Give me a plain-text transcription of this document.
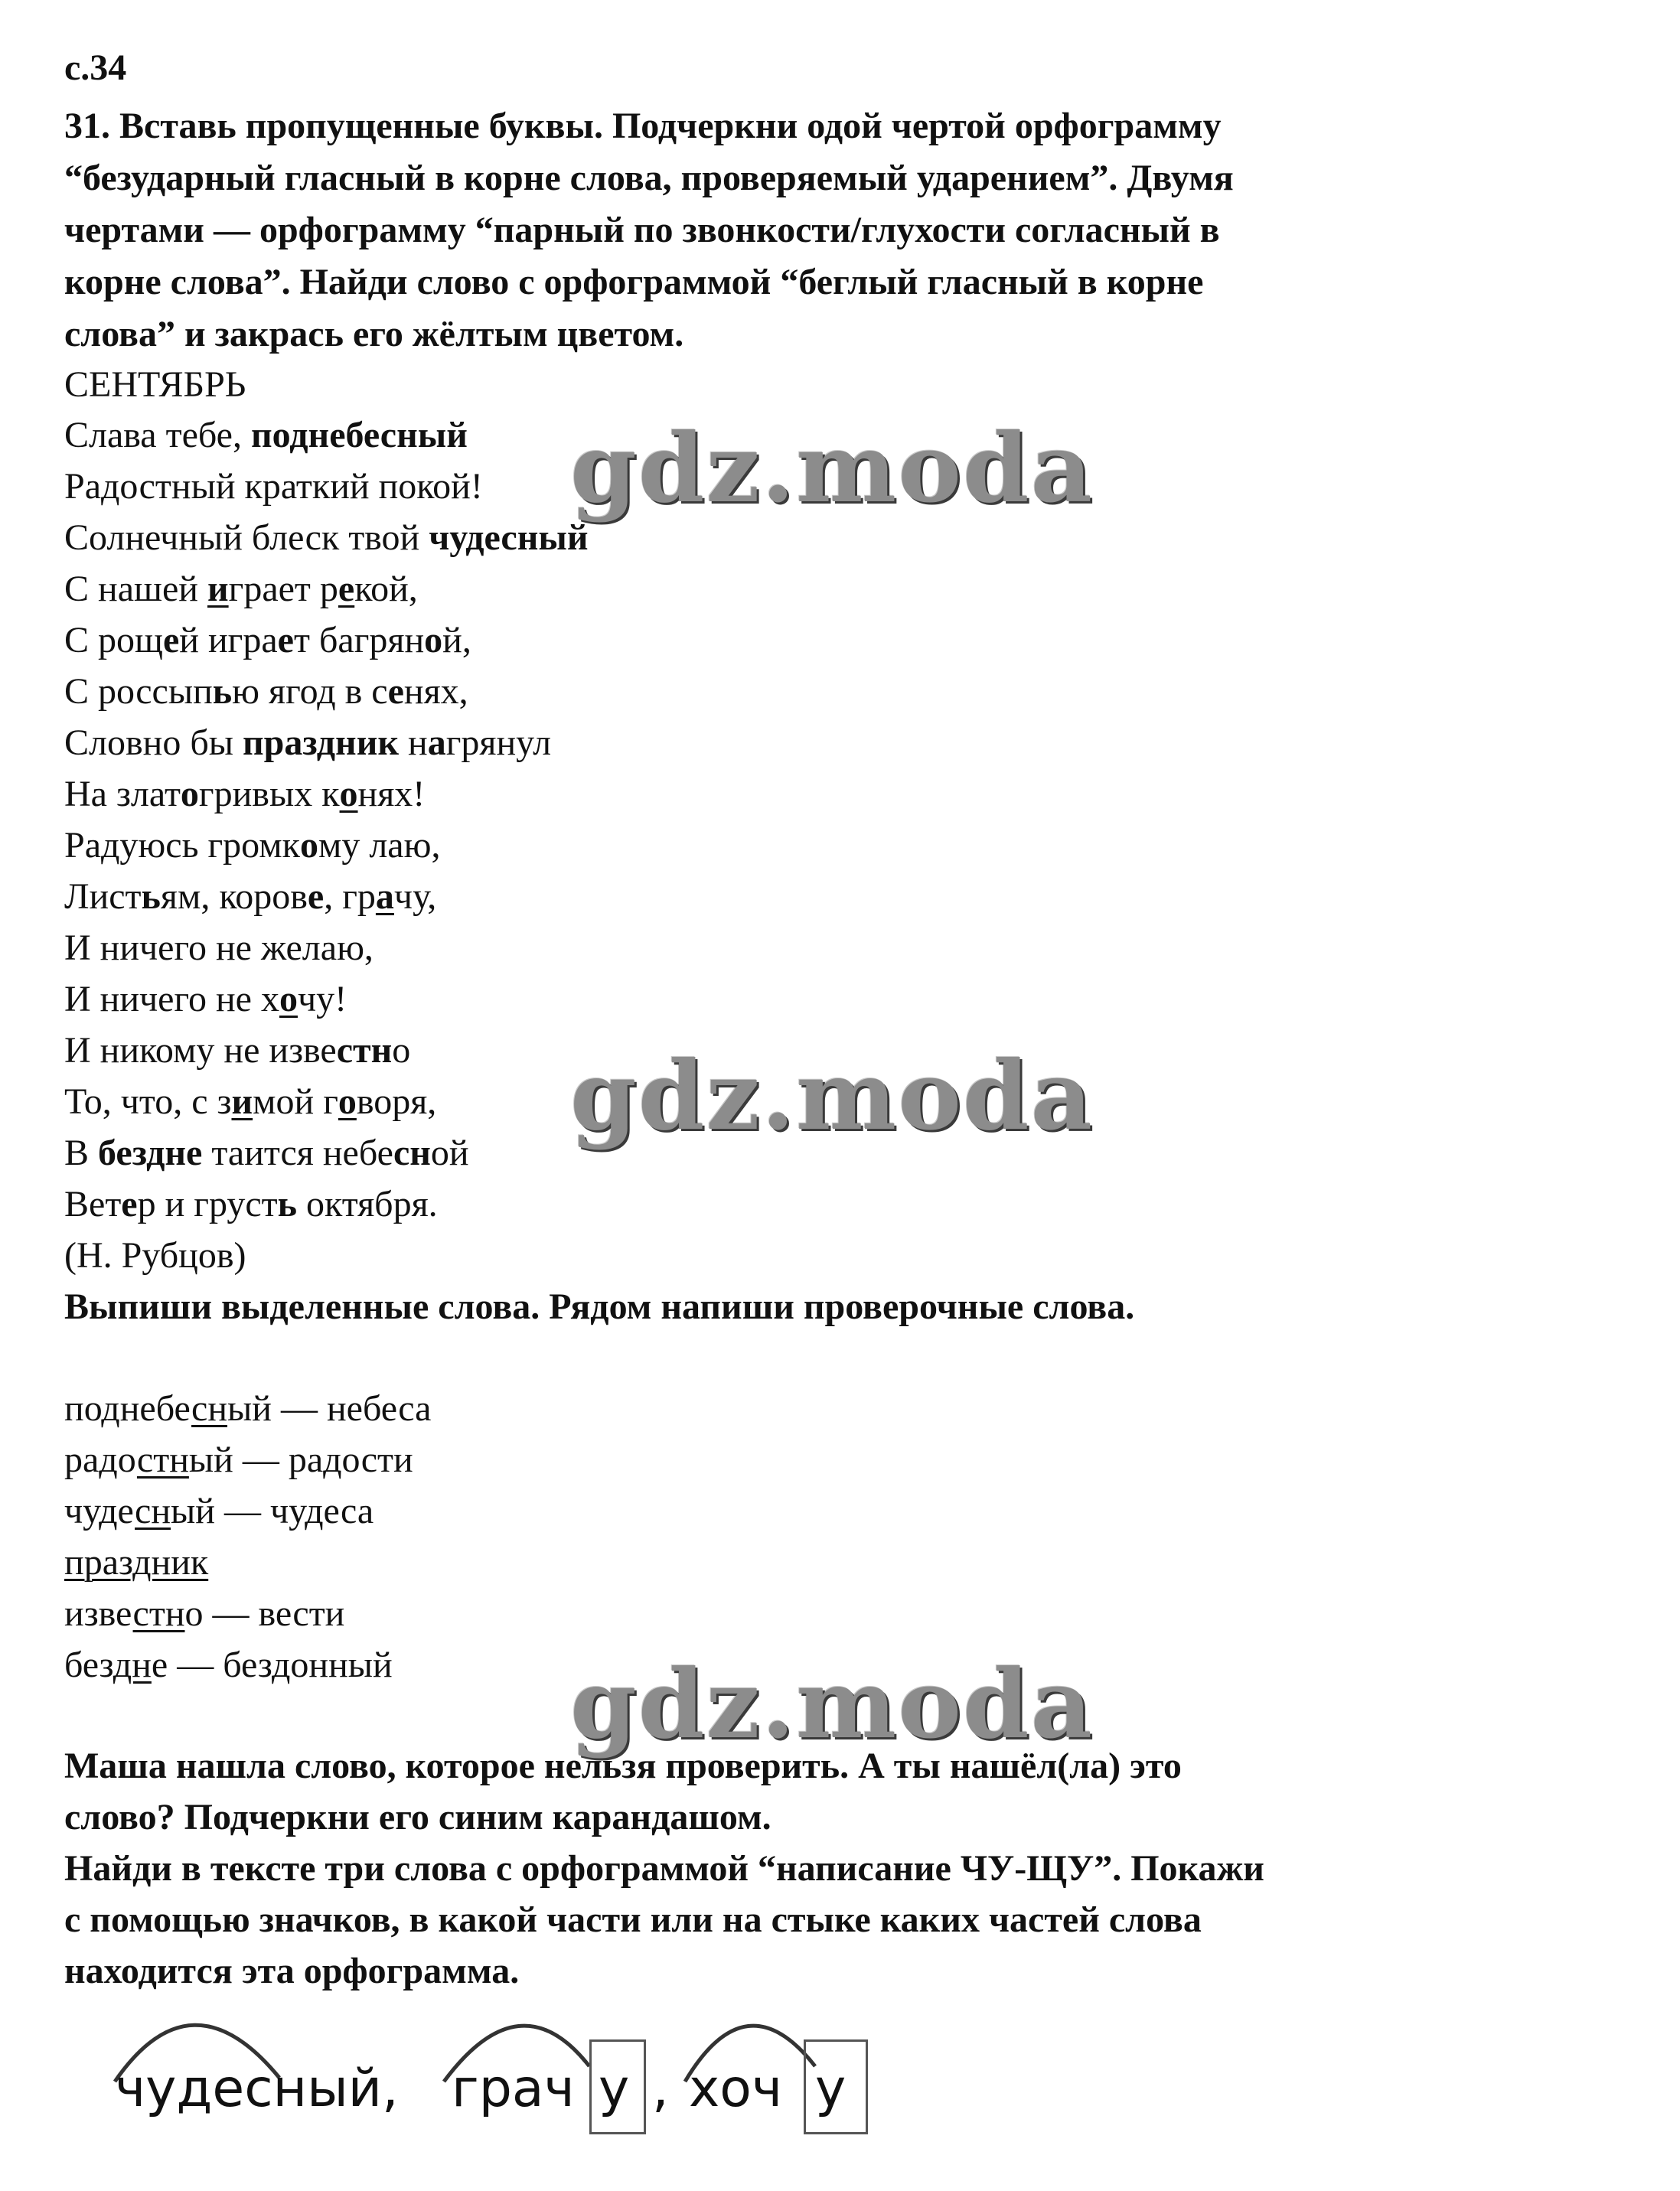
с.34
31. Вставь пропущенные буквы. Подчеркни одой чертой орфограмму
“безударный гласный в корне слова, проверяемый ударением”. Двумя
чертами — орфограмму “парный по звонкости/глухости согласный в
корне слова”. Найди слово с орфограммой “беглый гласный в корне
слова” и закрась его жёлтым цветом.
СЕНТЯБРЬ
Слава тебе, поднебесный
Радостный краткий покой!
Солнечный блеск твой чудесный
С нашей играет рекой,
С рощей играет багряной,
С россыпью ягод в сенях,
Словно бы праздник нагрянул
На златогривых конях!
Радуюсь громкому лаю,
Листьям, корове, грачу,
И ничего не желаю,
И ничего не хочу!
И никому не известно
То, что, с зимой говоря,
В бездне таится небесной
Ветер и грусть октября.
(Н. Рубцов)
Выпиши выделенные слова. Рядом напиши проверочные слова.
поднебесный — небеса
радостный — радости
чудесный — чудеса
праздник
известно — вести
бездне — бездонный
Маша нашла слово, которое нельзя проверить. А ты нашёл(ла) это
слово? Подчеркни его синим карандашом.
Найди в тексте три слова с орфограммой “написание ЧУ-ЩУ”. Покажи
с помощью значков, в какой части или на стыке каких частей слова
находится эта орфограмма.
чудесный, грач у , хоч у
gdz.moda
gdz.moda
gdz.moda
